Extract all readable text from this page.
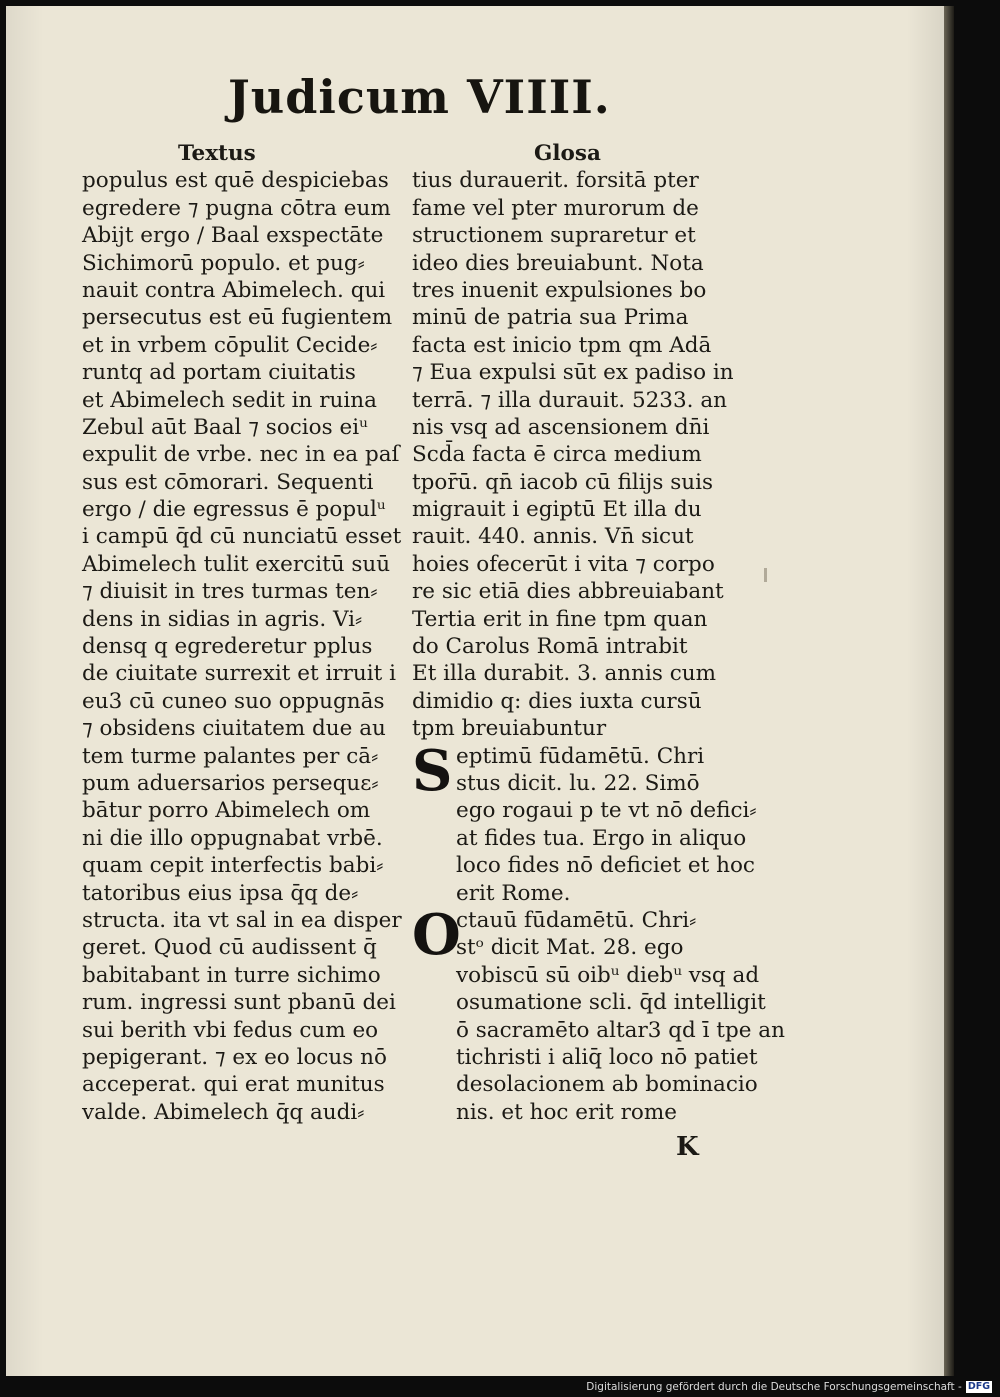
Judicum VIIII.
Textus
populus est quē despiciebas
egredere ⁊ pugna cōtra eum
Abijt ergo / Baal exspectāte
Sichimorū populo. et pug⸗
nauit contra Abimelech. qui
persecutus est eū fugientem
et in vrbem cōpulit Cecide⸗
runtq ad portam ciuitatis
et Abimelech sedit in ruina
Zebul aūt Baal ⁊ socios eiᵘ
expulit de vrbe. nec in ea paſ
sus est cōmorari. Sequenti
ergo / die egressus ē populᵘ
i campū q̄d cū nunciatū esset
Abimelech tulit exercitū suū
⁊ diuisit in tres turmas ten⸗
dens in sidias in agris. Vi⸗
densq q egrederetur pplus
de ciuitate surrexit et irruit i
eu3 cū cuneo suo oppugnās
⁊ obsidens ciuitatem due au
tem turme palantes per cā⸗
pum aduersarios persequε⸗
bātur porro Abimelech om
ni die illo oppugnabat vrbē.
quam cepit interfectis babi⸗
tatoribus eius ipsa q̄q de⸗
structa. ita vt sal in ea disper
geret. Quod cū audissent q̄
babitabant in turre sichimo
rum. ingressi sunt pbanū dei
sui berith vbi fedus cum eo
pepigerant. ⁊ ex eo locus nō
acceperat. qui erat munitus
valde. Abimelech q̄q audi⸗
Glosa
tius durauerit. forsitā pter
fame vel pter murorum de
structionem supraretur et
ideo dies breuiabunt. Nota
tres inuenit expulsiones bo
minū de patria sua Prima
facta est inicio tpm qm Adā
⁊ Eua expulsi sūt ex padiso in
terrā. ⁊ illa durauit. 5233. an
nis vsq ad ascensionem dn̄i
Scd̄a facta ē circa medium
tpor̄ū. qn̄ iacob cū filijs suis
migrauit i egiptū Et illa du
rauit. 440. annis. Vn̄ sicut
hoies ofecerūt i vita ⁊ corpo
re sic etiā dies abbreuiabant
Tertia erit in fine tpm quan
do Carolus Romā intrabit
Et illa durabit. 3. annis cum
dimidio q: dies iuxta cursū
tpm breuiabuntur
S eptimū fūdamētū. Chri
stus dicit. lu. 22. Simō
ego rogaui p te vt nō defici⸗
at fides tua. Ergo in aliquo
loco fides nō deficiet et hoc
erit Rome.
O
ctauū fūdamētū. Chri⸗
stᵒ dicit Mat. 28. ego
vobiscū sū oibᵘ diebᵘ vsq ad
osumatione scli. q̄d intelligit
ō sacramēto altar3 qd ī tpe an
tichristi i aliq̄ loco nō patiet
desolacionem ab bominacio
nis. et hoc erit rome
K
Digitalisierung gefördert durch die Deutsche Forschungsgemeinschaft - DFG
